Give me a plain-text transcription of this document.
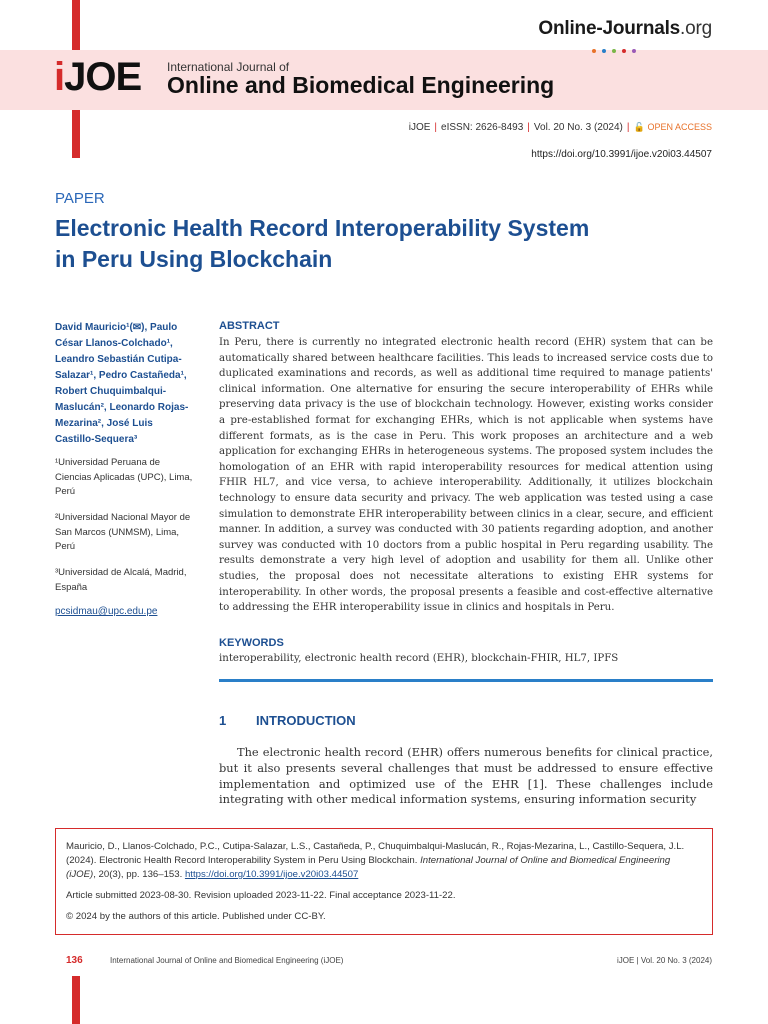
Online-Journals.org
iJOE International Journal of
Online and Biomedical Engineering
iJOE | eISSN: 2626-8493 | Vol. 20 No. 3 (2024) | 🔓 OPEN ACCESS
https://doi.org/10.3991/ijoe.v20i03.44507
PAPER
Electronic Health Record Interoperability System
in Peru Using Blockchain
David Mauricio¹(✉), Paulo César Llanos-Colchado¹, Leandro Sebastián Cutipa-Salazar¹, Pedro Castañeda¹, Robert Chuquimbalqui-Maslucán², Leonardo Rojas-Mezarina², José Luis Castillo-Sequera³
¹Universidad Peruana de Ciencias Aplicadas (UPC), Lima, Perú
²Universidad Nacional Mayor de San Marcos (UNMSM), Lima, Perú
³Universidad de Alcalá, Madrid, España
pcsidmau@upc.edu.pe
ABSTRACT
In Peru, there is currently no integrated electronic health record (EHR) system that can be automatically shared between healthcare facilities. This leads to increased service costs due to duplicated examinations and records, as well as additional time required to manage patients' clinical information. One alternative for ensuring the secure interoperability of EHRs while preserving data privacy is the use of blockchain technology. However, existing works consider a pre-established format for exchanging EHRs, which is not applicable when systems have different formats, as is the case in Peru. This work proposes an architecture and a web application for exchanging EHRs in heterogeneous systems. The proposed system includes the homologation of an EHR with rapid interoperability resources for medical attention using FHIR HL7, and vice versa, to achieve interoperability. Additionally, it utilizes blockchain technology to ensure data security and privacy. The web application was tested using a case simulation to demonstrate EHR interoperability between clinics in a clear, secure, and efficient manner. In addition, a survey was conducted with 30 patients regarding adoption, and another survey was conducted with 10 doctors from a public hospital in Peru regarding usability. The results demonstrate a very high level of adoption and usability for them all. Unlike other studies, the proposal does not necessitate alterations to existing EHR systems for interoperability. In other words, the proposal presents a feasible and cost-effective alternative to addressing the EHR interoperability issue in clinics and hospitals in Peru.
KEYWORDS
interoperability, electronic health record (EHR), blockchain-FHIR, HL7, IPFS
1 INTRODUCTION
The electronic health record (EHR) offers numerous benefits for clinical practice, but it also presents several challenges that must be addressed to ensure effective implementation and optimized use of the EHR [1]. These challenges include integrating with other medical information systems, ensuring information security

Mauricio, D., Llanos-Colchado, P.C., Cutipa-Salazar, L.S., Castañeda, P., Chuquimbalqui-Maslucán, R., Rojas-Mezarina, L., Castillo-Sequera, J.L. (2024). Electronic Health Record Interoperability System in Peru Using Blockchain. International Journal of Online and Biomedical Engineering (iJOE), 20(3), pp. 136–153. https://doi.org/10.3991/ijoe.v20i03.44507

Article submitted 2023-08-30. Revision uploaded 2023-11-22. Final acceptance 2023-11-22.

© 2024 by the authors of this article. Published under CC-BY.

136	International Journal of Online and Biomedical Engineering (iJOE)	iJOE | Vol. 20 No. 3 (2024)
